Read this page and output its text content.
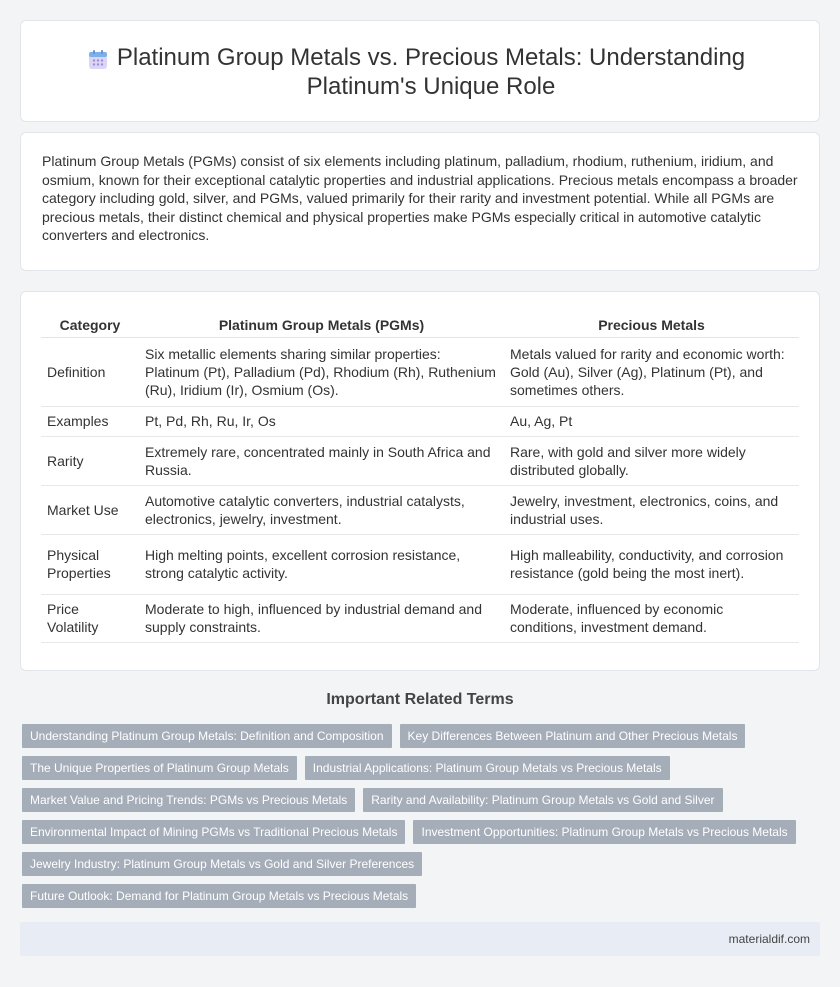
Platinum Group Metals vs. Precious Metals: Understanding Platinum's Unique Role

Platinum Group Metals (PGMs) consist of six elements including platinum, palladium, rhodium, ruthenium, iridium, and osmium, known for their exceptional catalytic properties and industrial applications. Precious metals encompass a broader category including gold, silver, and PGMs, valued primarily for their rarity and investment potential. While all PGMs are precious metals, their distinct chemical and physical properties make PGMs especially critical in automotive catalytic converters and electronics.

Category	Platinum Group Metals (PGMs)	Precious Metals
Definition	Six metallic elements sharing similar properties: Platinum (Pt), Palladium (Pd), Rhodium (Rh), Ruthenium (Ru), Iridium (Ir), Osmium (Os).	Metals valued for rarity and economic worth: Gold (Au), Silver (Ag), Platinum (Pt), and sometimes others.
Examples	Pt, Pd, Rh, Ru, Ir, Os	Au, Ag, Pt
Rarity	Extremely rare, concentrated mainly in South Africa and Russia.	Rare, with gold and silver more widely distributed globally.
Market Use	Automotive catalytic converters, industrial catalysts, electronics, jewelry, investment.	Jewelry, investment, electronics, coins, and industrial uses.
Physical Properties	High melting points, excellent corrosion resistance, strong catalytic activity.	High malleability, conductivity, and corrosion resistance (gold being the most inert).
Price Volatility	Moderate to high, influenced by industrial demand and supply constraints.	Moderate, influenced by economic conditions, investment demand.
Important Related Terms
Understanding Platinum Group Metals: Definition and Composition	Key Differences Between Platinum and Other Precious Metals
The Unique Properties of Platinum Group Metals	Industrial Applications: Platinum Group Metals vs Precious Metals
Market Value and Pricing Trends: PGMs vs Precious Metals	Rarity and Availability: Platinum Group Metals vs Gold and Silver
Environmental Impact of Mining PGMs vs Traditional Precious Metals	Investment Opportunities: Platinum Group Metals vs Precious Metals
Jewelry Industry: Platinum Group Metals vs Gold and Silver Preferences
Future Outlook: Demand for Platinum Group Metals vs Precious Metals
materialdif.com
